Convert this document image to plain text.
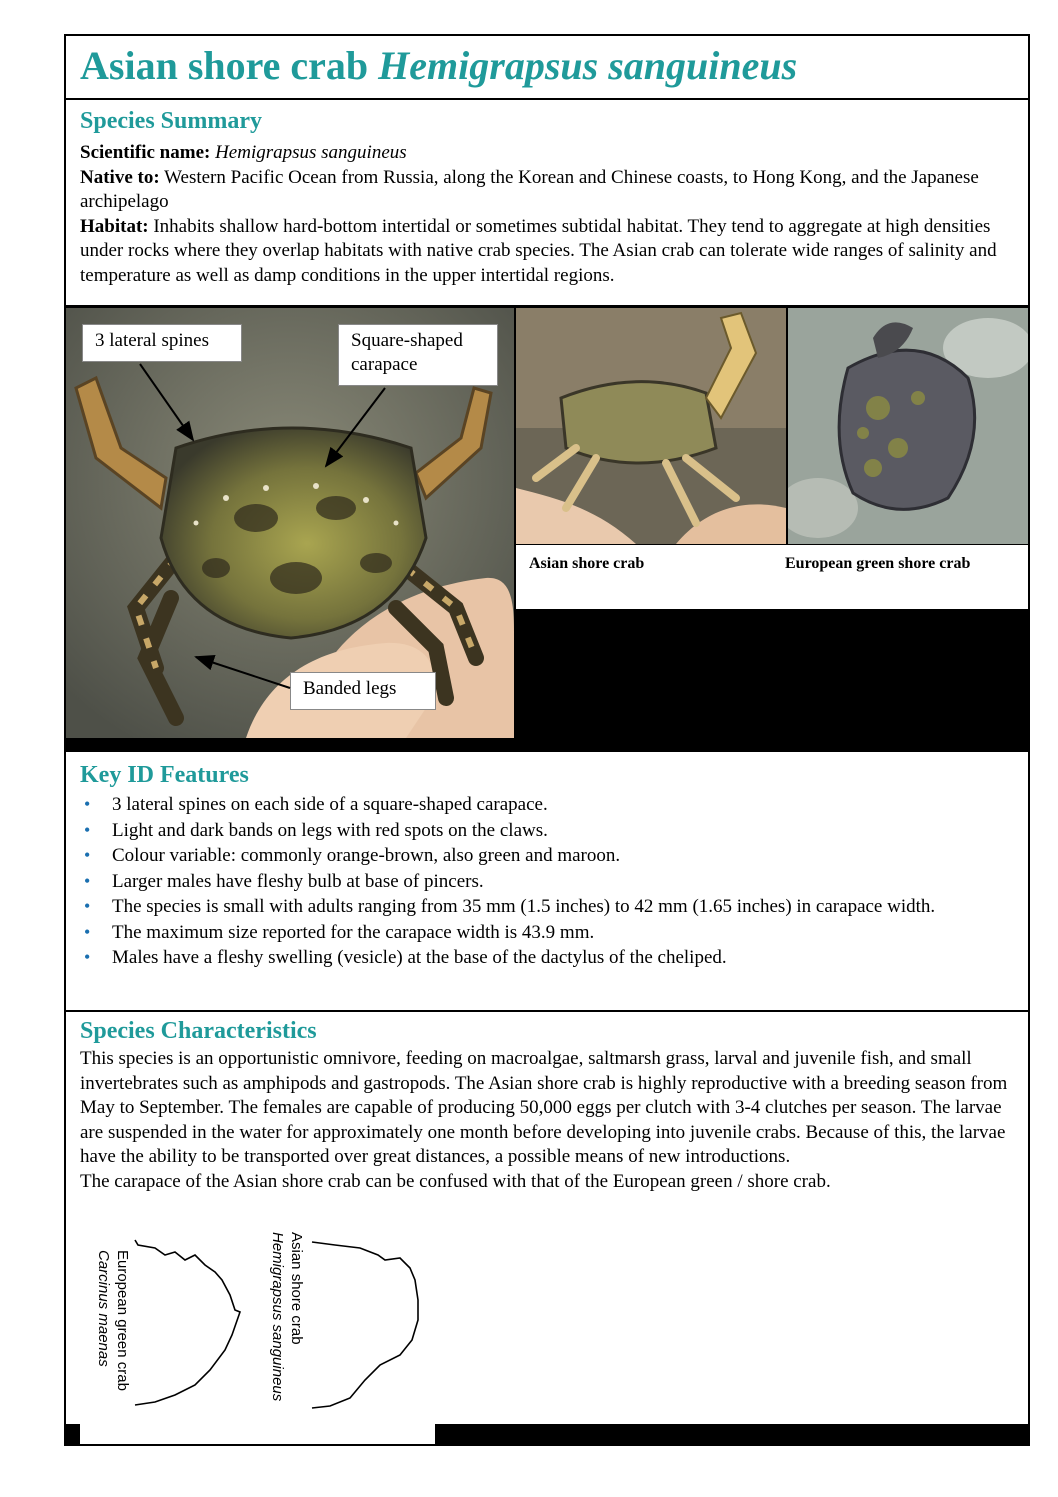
Asian shore crab Hemigrapsus sanguineus
Species Summary
Scientific name: Hemigrapsus sanguineus
Native to: Western Pacific Ocean from Russia, along the Korean and Chinese coasts, to Hong Kong, and the Japanese archipelago
Habitat: Inhabits shallow hard-bottom intertidal or sometimes subtidal habitat. They tend to aggregate at high densities under rocks where they overlap habitats with native crab species. The Asian crab can tolerate wide ranges of salinity and temperature as well as damp conditions in the upper intertidal regions.
Asian shore crab	European green shore crab
3 lateral spines	Square-shaped carapace
Banded legs
Key ID Features
• 3 lateral spines on each side of a square-shaped carapace.
• Light and dark bands on legs with red spots on the claws.
• Colour variable: commonly orange-brown, also green and maroon.
• Larger males have fleshy bulb at base of pincers.
• The species is small with adults ranging from 35 mm (1.5 inches) to 42 mm (1.65 inches) in carapace width.
• The maximum size reported for the carapace width is 43.9 mm.
• Males have a fleshy swelling (vesicle) at the base of the dactylus of the cheliped.
Species Characteristics
This species is an opportunistic omnivore, feeding on macroalgae, saltmarsh grass, larval and juvenile fish, and small invertebrates such as amphipods and gastropods. The Asian shore crab is highly reproductive with a breeding season from May to September. The females are capable of producing 50,000 eggs per clutch with 3-4 clutches per season. The larvae are suspended in the water for approximately one month before developing into juvenile crabs. Because of this, the larvae have the ability to be transported over great distances, a possible means of new introductions.
The carapace of the Asian shore crab can be confused with that of the European green / shore crab.
European green crab
Carcinus maenas	Asian shore crab
Hemigrapsus sanguineus
